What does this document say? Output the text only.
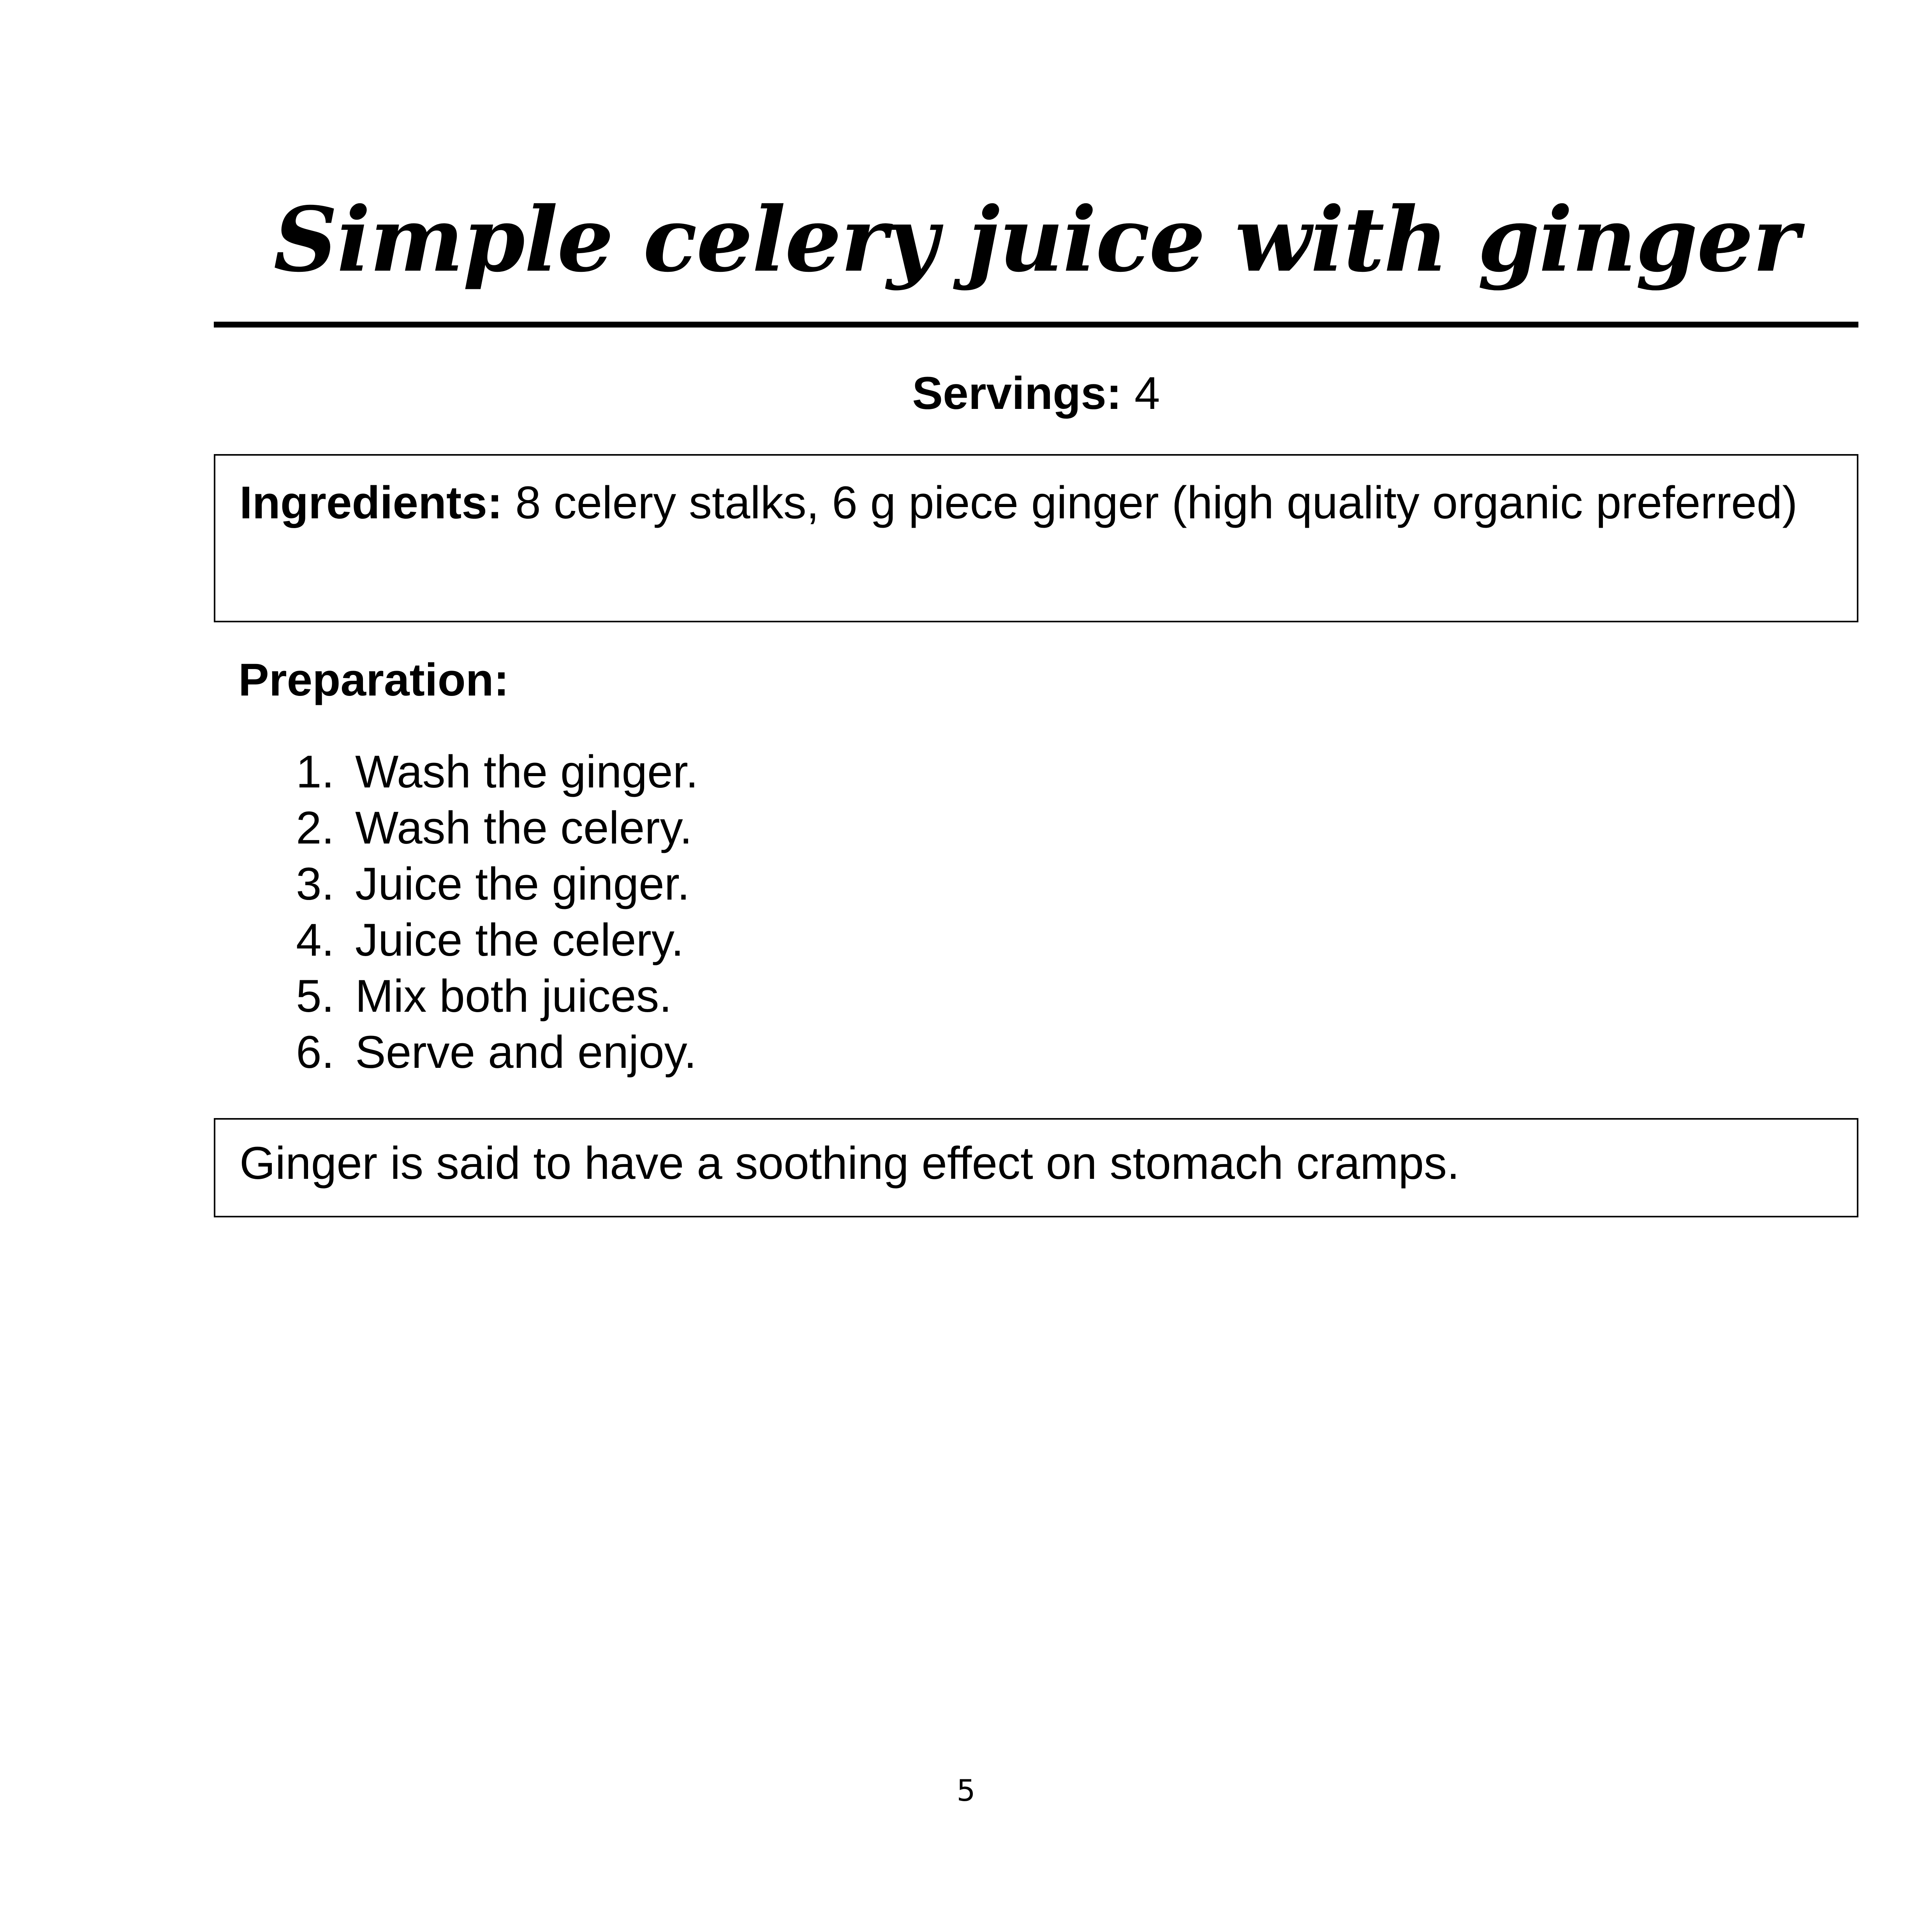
Simple celery juice with ginger
Servings: 4
Ingredients: 8 celery stalks, 6 g piece ginger (high quality organic preferred)
Preparation:
1. Wash the ginger.
2. Wash the celery.
3. Juice the ginger.
4. Juice the celery.
5. Mix both juices.
6. Serve and enjoy.
Ginger is said to have a soothing effect on stomach cramps.
5
